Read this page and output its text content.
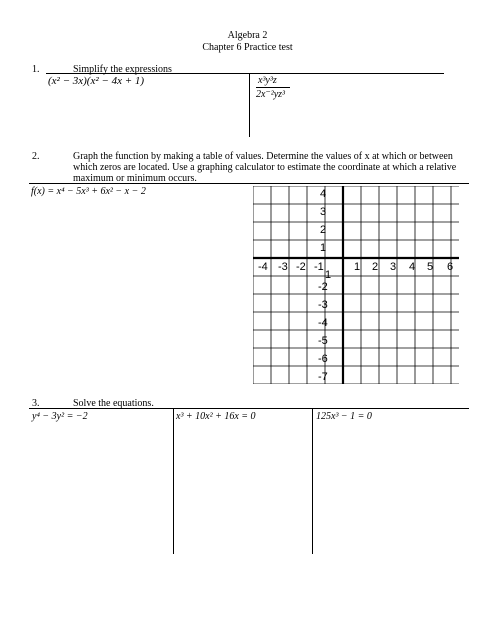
Algebra 2
Chapter 6 Practice test
1.	Simplify the expressions
(x² − 3x)(x² − 4x + 1)	x³y³z
2x⁻²yz³
2.	Graph the function by making a table of values. Determine the values of x at which or between
which zeros are located. Use a graphing calculator to estimate the coordinate at which a relative
maximum or minimum occurs.
f(x) = x⁴ − 5x³ + 6x² − x − 2	4
3
2
1
1
-2
-3
-4
-5
-6
-7
-4 -3 -2 -1	1 2 3 4 5 6
3.	Solve the equations.
y⁴ − 3y² = −2	x³ + 10x² + 16x = 0	125x³ − 1 = 0
